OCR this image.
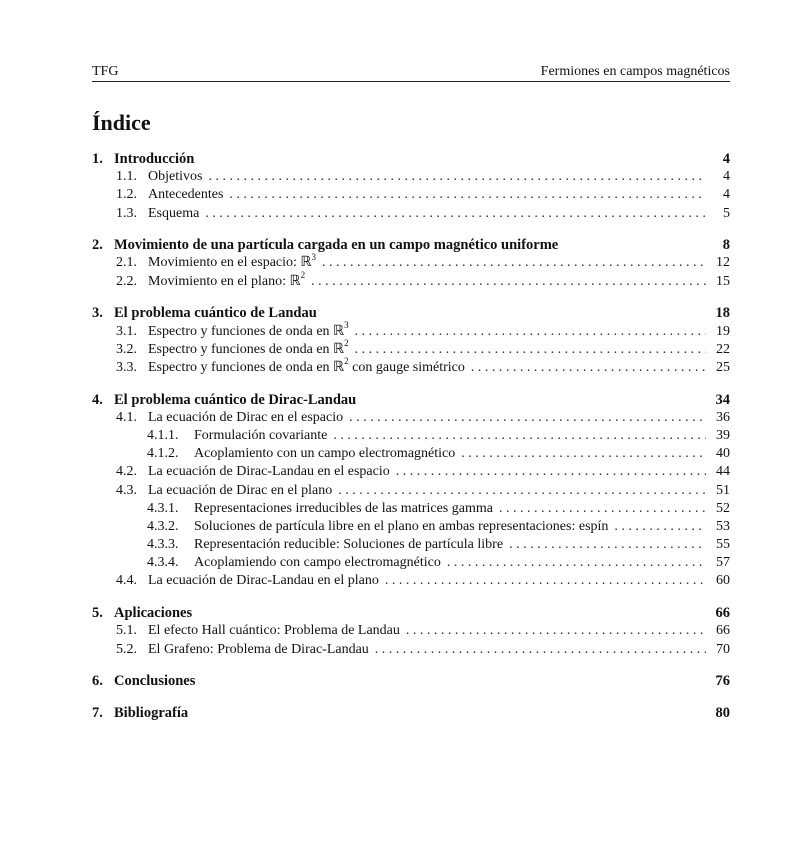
TFG	Fermiones en campos magnéticos
Índice
1. Introducción	4
1.1. Objetivos . . .	4
1.2. Antecedentes . . .	4
1.3. Esquema . . .	5
2. Movimiento de una partícula cargada en un campo magnético uniforme	8
2.1. Movimiento en el espacio: ℝ$^3$ . . .	12
2.2. Movimiento en el plano: ℝ$^2$ . . .	15
3. El problema cuántico de Landau	18
3.1. Espectro y funciones de onda en ℝ$^3$ . . .	19
3.2. Espectro y funciones de onda en ℝ$^2$ . . .	22
3.3. Espectro y funciones de onda en ℝ$^2$ con gauge simétrico . . .	25
4. El problema cuántico de Dirac-Landau	34
4.1. La ecuación de Dirac en el espacio . . .	36
4.1.1.	Formulación covariante . . .	39
4.1.2.	Acoplamiento con un campo electromagnético . . .	40
4.2. La ecuación de Dirac-Landau en el espacio . . .	44
4.3. La ecuación de Dirac en el plano . . .	51
4.3.1.	Representaciones irreducibles de las matrices gamma . . .	52
4.3.2.	Soluciones de partícula libre en el plano en ambas representaciones: espín . . .	53
4.3.3.	Representación reducible: Soluciones de partícula libre . . .	55
4.3.4.	Acoplamiendo con campo electromagnético . . .	57
4.4. La ecuación de Dirac-Landau en el plano . . .	60
5. Aplicaciones	66
5.1. El efecto Hall cuántico: Problema de Landau . . .	66
5.2. El Grafeno: Problema de Dirac-Landau . . .	70
6. Conclusiones	76
7. Bibliografía	80
